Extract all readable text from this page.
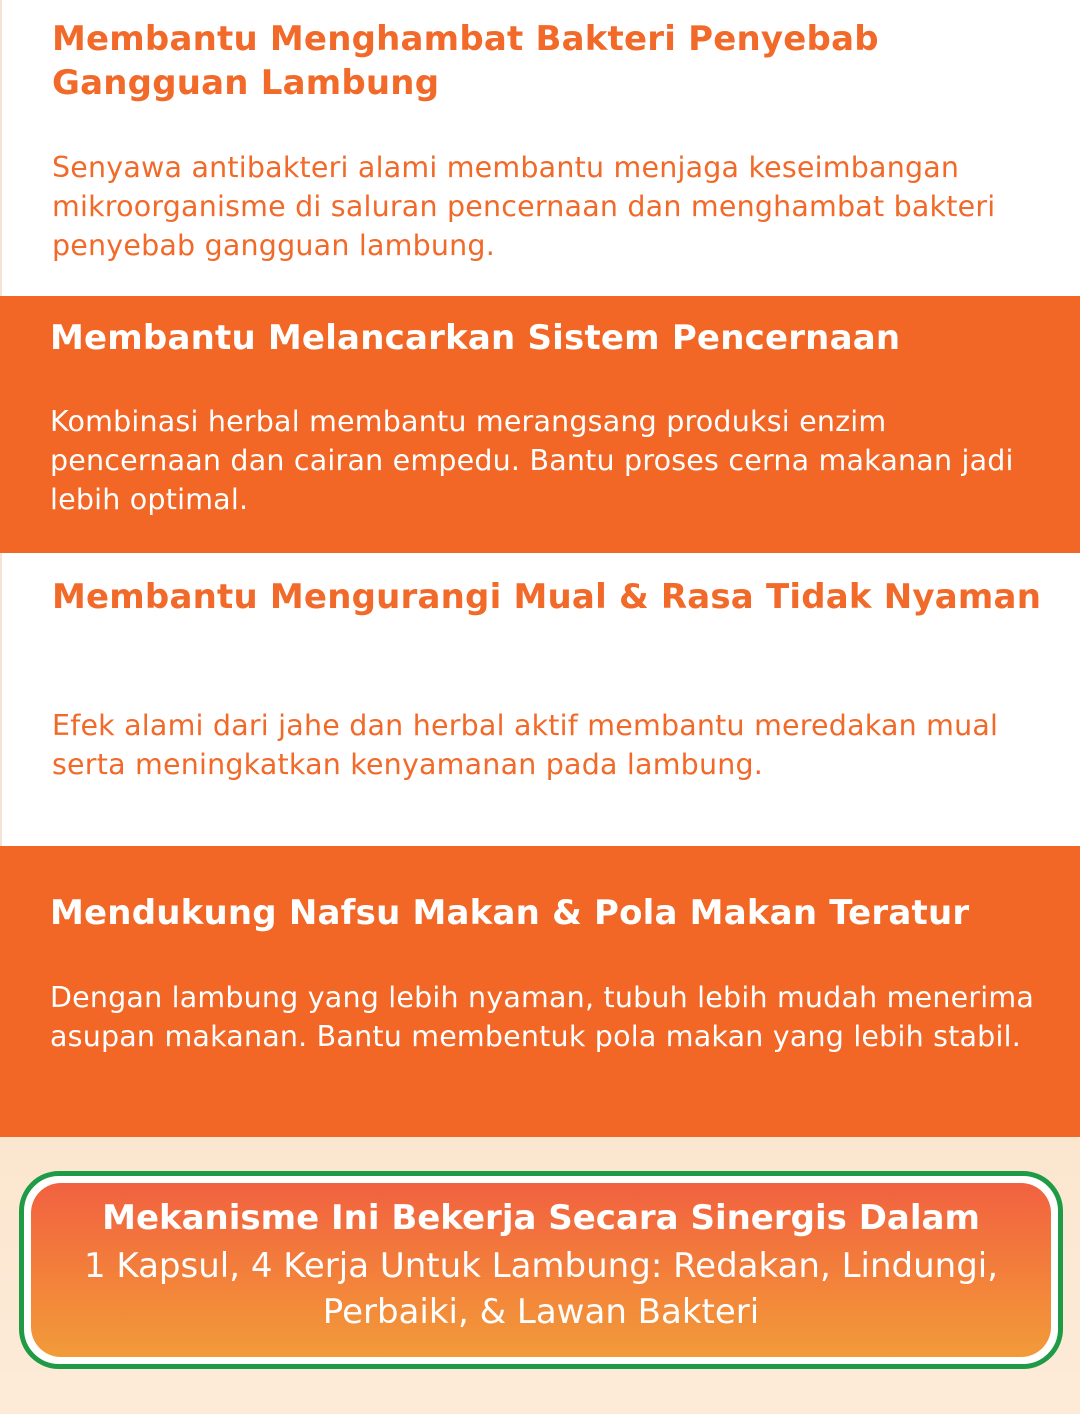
Membantu Menghambat Bakteri Penyebab Gangguan Lambung

Senyawa antibakteri alami membantu menjaga keseimbangan mikroorganisme di saluran pencernaan dan menghambat bakteri penyebab gangguan lambung.

Membantu Melancarkan Sistem Pencernaan

Kombinasi herbal membantu merangsang produksi enzim pencernaan dan cairan empedu. Bantu proses cerna makanan jadi lebih optimal.

Membantu Mengurangi Mual & Rasa Tidak Nyaman

Efek alami dari jahe dan herbal aktif membantu meredakan mual serta meningkatkan kenyamanan pada lambung.

Mendukung Nafsu Makan & Pola Makan Teratur

Dengan lambung yang lebih nyaman, tubuh lebih mudah menerima asupan makanan. Bantu membentuk pola makan yang lebih stabil.

Mekanisme Ini Bekerja Secara Sinergis Dalam

1 Kapsul, 4 Kerja Untuk Lambung: Redakan, Lindungi, Perbaiki, & Lawan Bakteri
